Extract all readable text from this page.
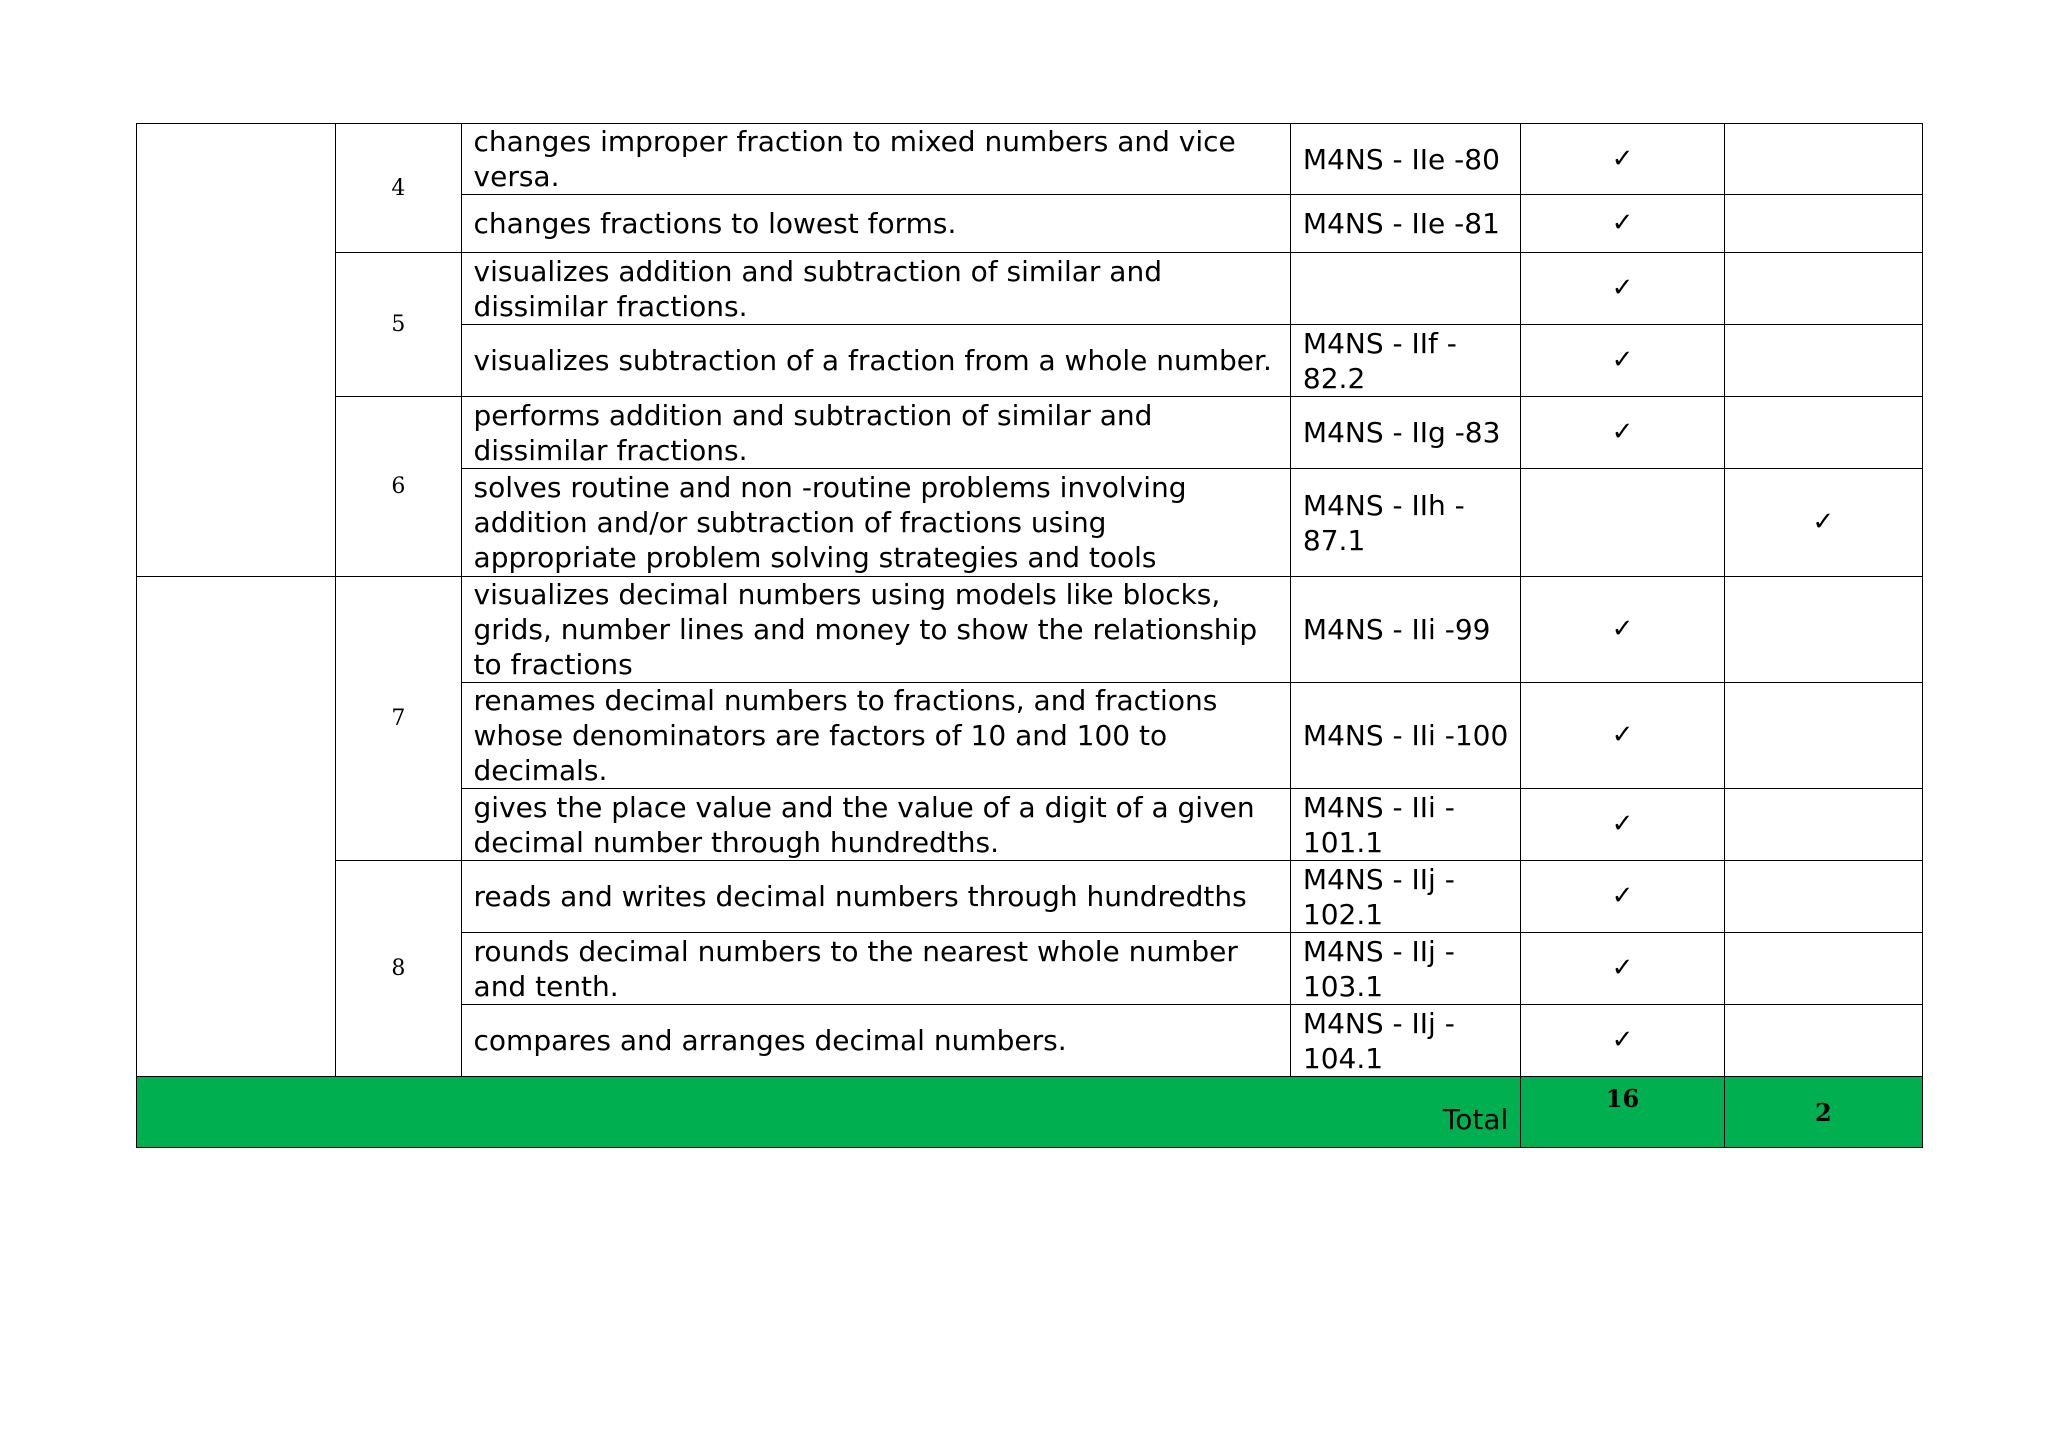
	4	changes improper fraction to mixed numbers and vice versa.	M4NS - IIe -80	✓	
		changes fractions to lowest forms.	M4NS - IIe -81	✓	
	5	visualizes addition and subtraction of similar and dissimilar fractions.		✓	
		visualizes subtraction of a fraction from a whole number.	M4NS - IIf - 82.2	✓	
	6	performs addition and subtraction of similar and dissimilar fractions.	M4NS - IIg -83	✓	
		solves routine and non -routine problems involving addition and/or subtraction of fractions using appropriate problem solving strategies and tools	M4NS - IIh - 87.1		✓
	7	visualizes decimal numbers using models like blocks, grids, number lines and money to show the relationship to fractions	M4NS - IIi -99	✓	
		renames decimal numbers to fractions, and fractions whose denominators are factors of 10 and 100 to decimals.	M4NS - IIi -100	✓	
		gives the place value and the value of a digit of a given decimal number through hundredths.	M4NS - IIi - 101.1	✓	
	8	reads and writes decimal numbers through hundredths	M4NS - IIj - 102.1	✓	
		rounds decimal numbers to the nearest whole number and tenth.	M4NS - IIj - 103.1	✓	
		compares and arranges decimal numbers.	M4NS - IIj - 104.1	✓	
Total				16	2
